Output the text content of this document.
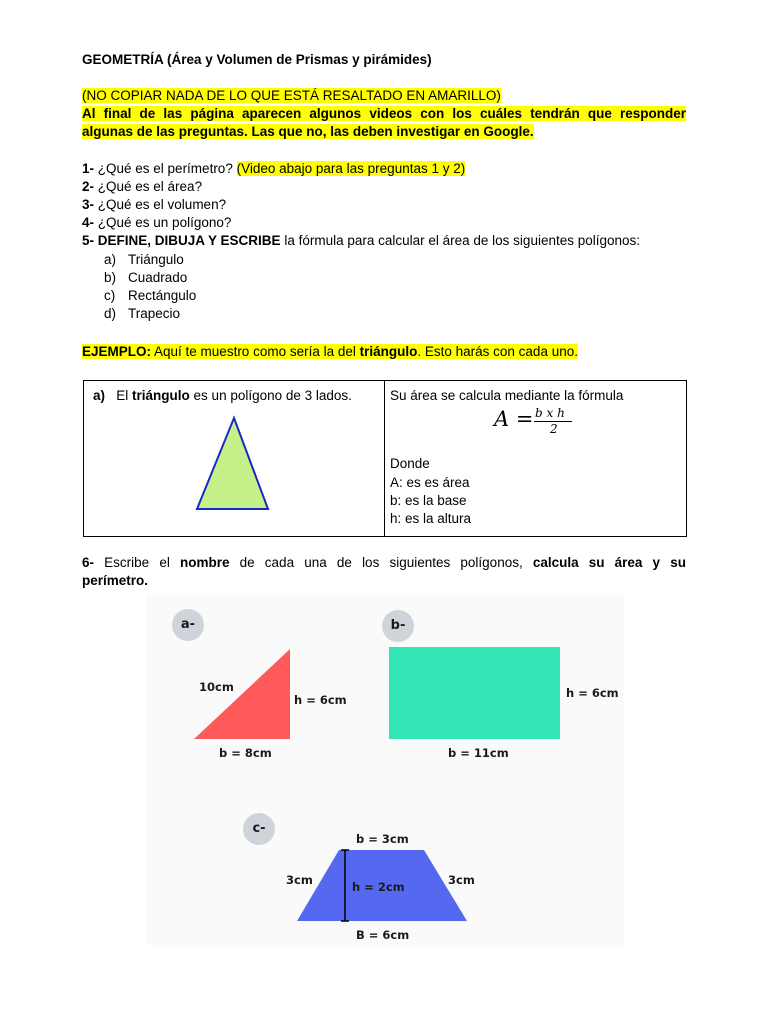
GEOMETRÍA (Área y Volumen de Prismas y pirámides)
(NO COPIAR NADA DE LO QUE ESTÁ RESALTADO EN AMARILLO)
Al final de las página aparecen algunos videos con los cuáles tendrán que responder
algunas de las preguntas. Las que no, las deben investigar en Google.
1- ¿Qué es el perímetro? (Video abajo para las preguntas 1 y 2)
2- ¿Qué es el área?
3- ¿Qué es el volumen?
4- ¿Qué es un polígono?
5- DEFINE, DIBUJA Y ESCRIBE la fórmula para calcular el área de los siguientes polígonos:
a) Triángulo
b) Cuadrado
c) Rectángulo
d) Trapecio
EJEMPLO: Aquí te muestro como sería la del triángulo. Esto harás con cada uno.
a) El triángulo es un polígono de 3 lados.	Su área se calcula mediante la fórmula
A = b x h
2
Donde
A: es es área
b: es la base
h: es la altura
6- Escribe el nombre de cada una de los siguientes polígonos, calcula su área y su
perímetro.
a-
10cm
h = 6cm
b = 8cm
b-
h = 6cm
b = 11cm
c-
b = 3cm
3cm	3cm
h = 2cm
B = 6cm
